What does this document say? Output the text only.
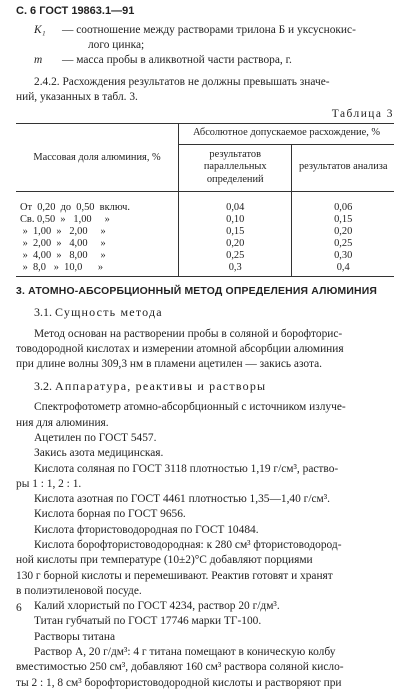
С. 6 ГОСТ 19863.1—91
K₁	— соотношение между растворами трилона Б и уксуснокис-
лого цинка;
m	— масса пробы в аликвотной части раствора, г.
2.4.2. Расхождения результатов не должны превышать значе-
ний, указанных в табл. 3.
Таблица 3
Массовая доля алюминия, %	Абсолютное допускаемое расхождение, %	
	результатов параллельных определений	результатов анализа
От  0,20  до  0,50  включ.	0,04	0,06
Св. 0,50  »   1,00     »	0,10	0,15
»  1,00  »   2,00     »	0,15	0,20
»  2,00  »   4,00     »	0,20	0,25
»  4,00  »   8,00     »	0,25	0,30
»  8,0   »  10,0      »	0,3	0,4
3. АТОМНО-АБСОРБЦИОННЫЙ МЕТОД ОПРЕДЕЛЕНИЯ АЛЮМИНИЯ
3.1. Сущность метода
Метод основан на растворении пробы в соляной и борофторис-
товодородной кислотах и измерении атомной абсорбции алюминия
при длине волны 309,3 нм в пламени ацетилен — закись азота.
3.2. Аппаратура, реактивы и растворы
Спектрофотометр атомно-абсорбционный с источником излуче-
ния для алюминия.
Ацетилен по ГОСТ 5457.
Закись азота медицинская.
Кислота соляная по ГОСТ 3118 плотностью 1,19 г/см³, раство-
ры 1 : 1, 2 : 1.
Кислота азотная по ГОСТ 4461 плотностью 1,35—1,40 г/см³.
Кислота борная по ГОСТ 9656.
Кислота фтористоводородная по ГОСТ 10484.
Кислота борофтористоводородная: к 280 см³ фтористоводород-
ной кислоты при температуре (10±2)°С добавляют порциями
130 г борной кислоты и перемешивают. Реактив готовят и хранят
в полиэтиленовой посуде.
Калий хлористый по ГОСТ 4234, раствор 20 г/дм³.
Титан губчатый по ГОСТ 17746 марки ТГ-100.
Растворы титана
Раствор А, 20 г/дм³: 4 г титана помещают в коническую колбу
вместимостью 250 см³, добавляют 160 см³ раствора соляной кисло-
ты 2 : 1, 8 см³ борофтористоводородной кислоты и растворяют при
6
